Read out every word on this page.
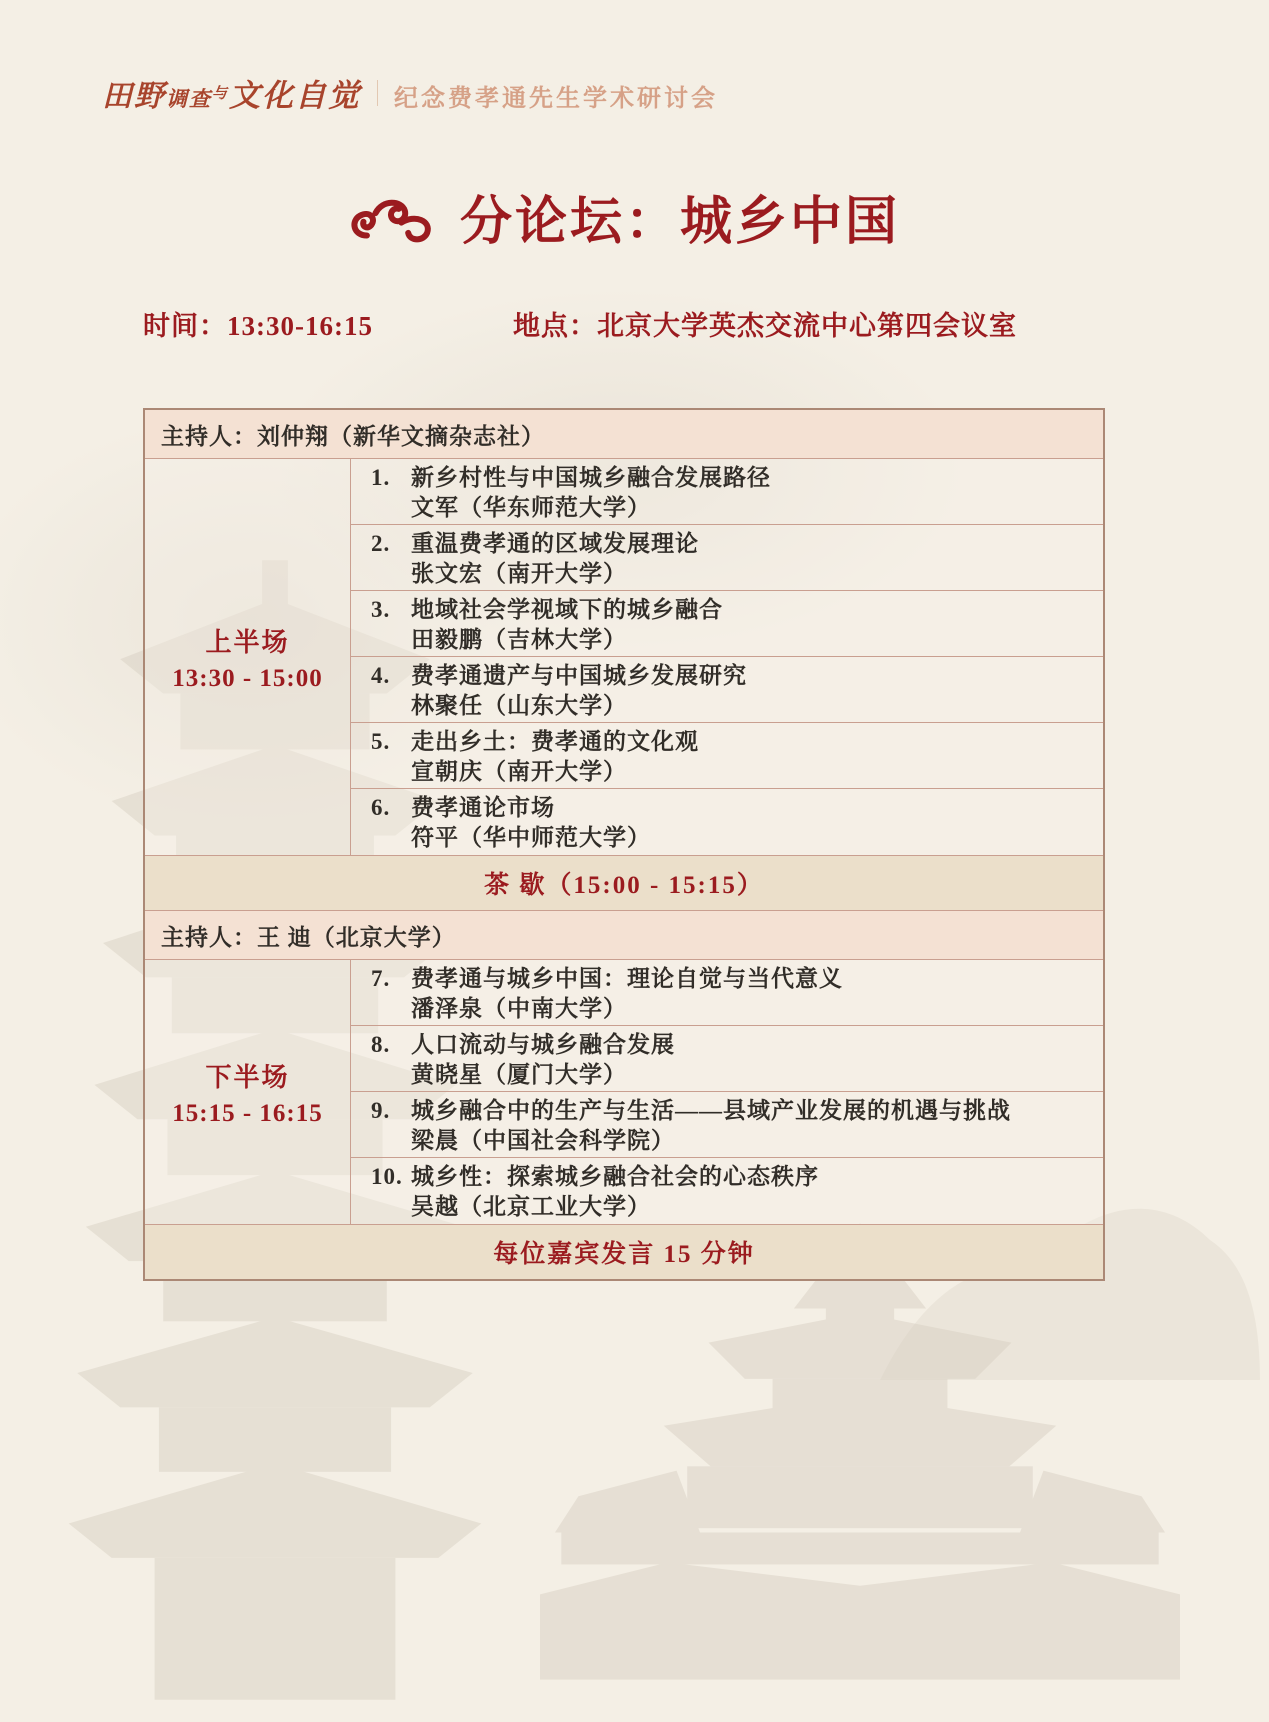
田野调查与文化自觉 纪念费孝通先生学术研讨会
分论坛：城乡中国
时间：13:30-16:15	地点：北京大学英杰交流中心第四会议室
主持人：刘仲翔（新华文摘杂志社）
上半场
13:30 - 15:00
1. 新乡村性与中国城乡融合发展路径
文军（华东师范大学）
2. 重温费孝通的区域发展理论
张文宏（南开大学）
3. 地域社会学视域下的城乡融合
田毅鹏（吉林大学）
4. 费孝通遗产与中国城乡发展研究
林聚任（山东大学）
5. 走出乡土：费孝通的文化观
宣朝庆（南开大学）
6. 费孝通论市场
符平（华中师范大学）
茶 歇（15:00 - 15:15）
主持人：王 迪（北京大学）
下半场
15:15 - 16:15
7. 费孝通与城乡中国：理论自觉与当代意义
潘泽泉（中南大学）
8. 人口流动与城乡融合发展
黄晓星（厦门大学）
9. 城乡融合中的生产与生活——县域产业发展的机遇与挑战
梁晨（中国社会科学院）
10. 城乡性：探索城乡融合社会的心态秩序
吴越（北京工业大学）
每位嘉宾发言 15 分钟
